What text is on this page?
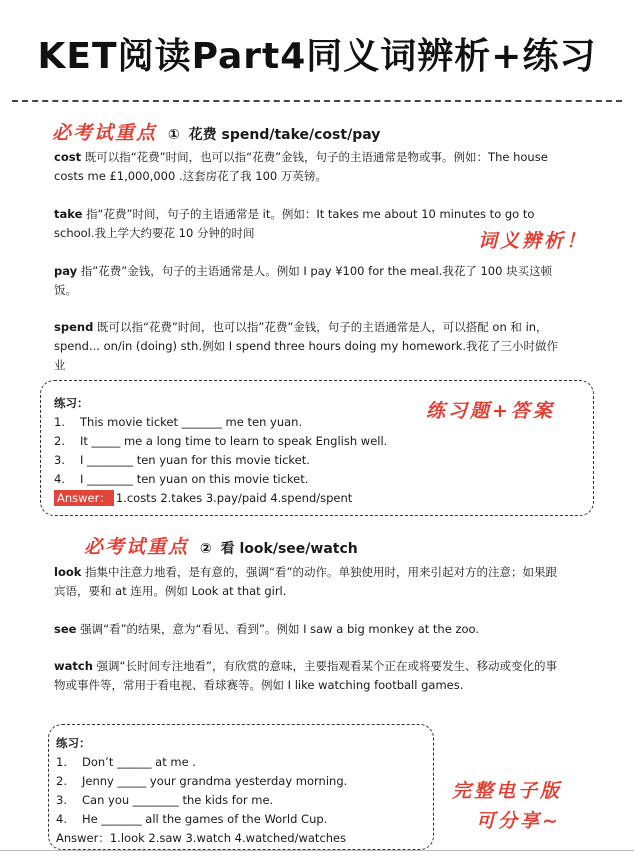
KET阅读Part4同义词辨析+练习
必考试重点 ① 花费 spend/take/cost/pay
cost 既可以指“花费”时间，也可以指“花费”金钱，句子的主语通常是物或事。例如：The house costs me £1,000,000 .这套房花了我 100 万英镑。
take 指“花费”时间，句子的主语通常是 it。例如：It takes me about 10 minutes to go to school.我上学大约要花 10 分钟的时间	词义辨析！
pay 指”花费”金钱，句子的主语通常是人。例如 I pay ¥100 for the meal.我花了 100 块买这顿饭。
spend 既可以指“花费”时间，也可以指”花费”金钱，句子的主语通常是人，可以搭配 on 和 in，spend... on/in (doing) sth.例如 I spend three hours doing my homework.我花了三小时做作业
练习题+答案
练习：
1. This movie ticket _______ me ten yuan.
2. It _____ me a long time to learn to speak English well.
3. I ________ ten yuan for this movie ticket.
4. I ________ ten yuan on this movie ticket.
Answer： 1.costs 2.takes 3.pay/paid 4.spend/spent
必考试重点 ② 看 look/see/watch
look 指集中注意力地看，是有意的，强调“看”的动作。单独使用时，用来引起对方的注意；如果跟宾语，要和 at 连用。例如 Look at that girl.
see 强调“看”的结果，意为“看见、看到”。例如 I saw a big monkey at the zoo.
watch 强调“长时间专注地看”，有欣赏的意味，主要指观看某个正在或将要发生、移动或变化的事物或事件等，常用于看电视、看球赛等。例如 I like watching football games.
练习：
1. Don’t ______ at me .
2. Jenny _____ your grandma yesterday morning.
3. Can you ________ the kids for me.
4. He _______ all the games of the World Cup.
Answer：1.look 2.saw 3.watch 4.watched/watches
完整电子版
可分享~
